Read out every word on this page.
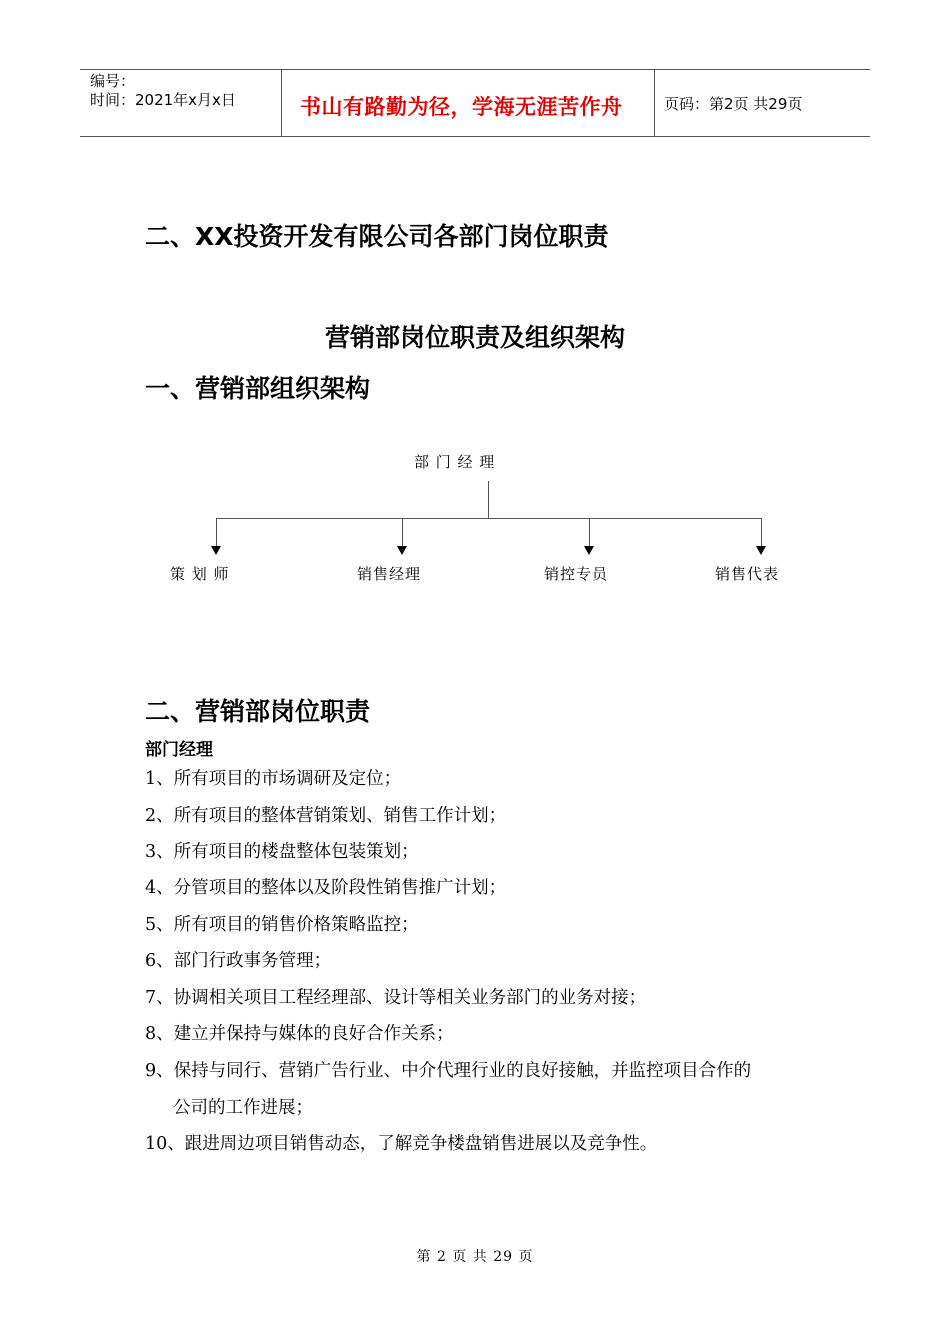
编号：
时间：2021年x月x日	书山有路勤为径，学海无涯苦作舟	页码：第2页 共29页
二、XX投资开发有限公司各部门岗位职责
营销部岗位职责及组织架构
一、营销部组织架构
部 门 经 理
策 划 师	销售经理	销控专员	销售代表
二、营销部岗位职责
部门经理
1、所有项目的市场调研及定位；
2、所有项目的整体营销策划、销售工作计划；
3、所有项目的楼盘整体包装策划；
4、分管项目的整体以及阶段性销售推广计划；
5、所有项目的销售价格策略监控；
6、部门行政事务管理；
7、协调相关项目工程经理部、设计等相关业务部门的业务对接；
8、建立并保持与媒体的良好合作关系；
9、保持与同行、营销广告行业、中介代理行业的良好接触，并监控项目合作的
公司的工作进展；
10、跟进周边项目销售动态，了解竞争楼盘销售进展以及竞争性。
第 2 页 共 29 页
